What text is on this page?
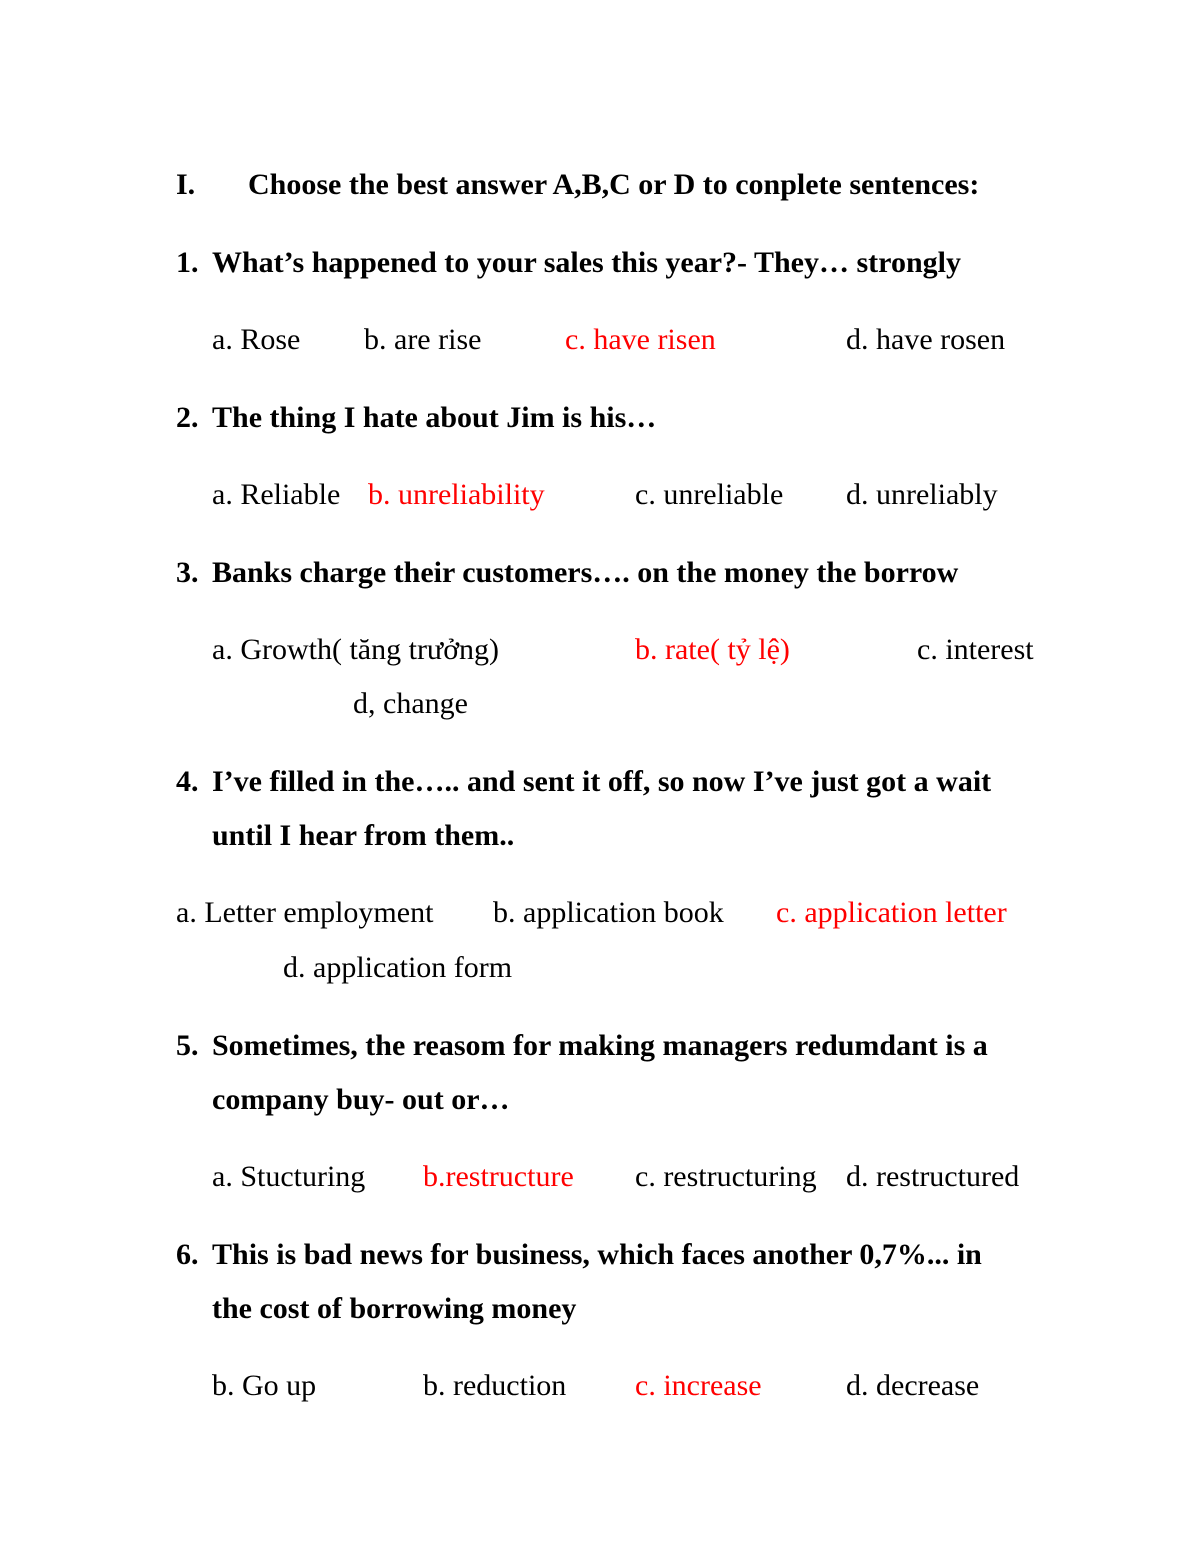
I. Choose the best answer A,B,C or D to conplete sentences:
1. What’s happened to your sales this year?- They… strongly
a. Rose b. are rise	c. have risen	d. have rosen
2. The thing I hate about Jim is his…
a. Reliable b. unreliability	c. unreliable d. unreliably
3. Banks charge their customers…. on the money the borrow
a. Growth( tăng trưởng)	b. rate( tỷ lệ)	c. interest
d, change
4. I’ve filled in the….. and sent it off, so now I’ve just got a wait
until I hear from them..
a. Letter employment b. application book c. application letter
d. application form
5. Sometimes, the reasom for making managers redumdant is a
company buy- out or…
a. Stucturing b.restructure c. restructuring d. restructured
6. This is bad news for business, which faces another 0,7%... in
the cost of borrowing money
b. Go up	b. reduction c. increase	d. decrease
